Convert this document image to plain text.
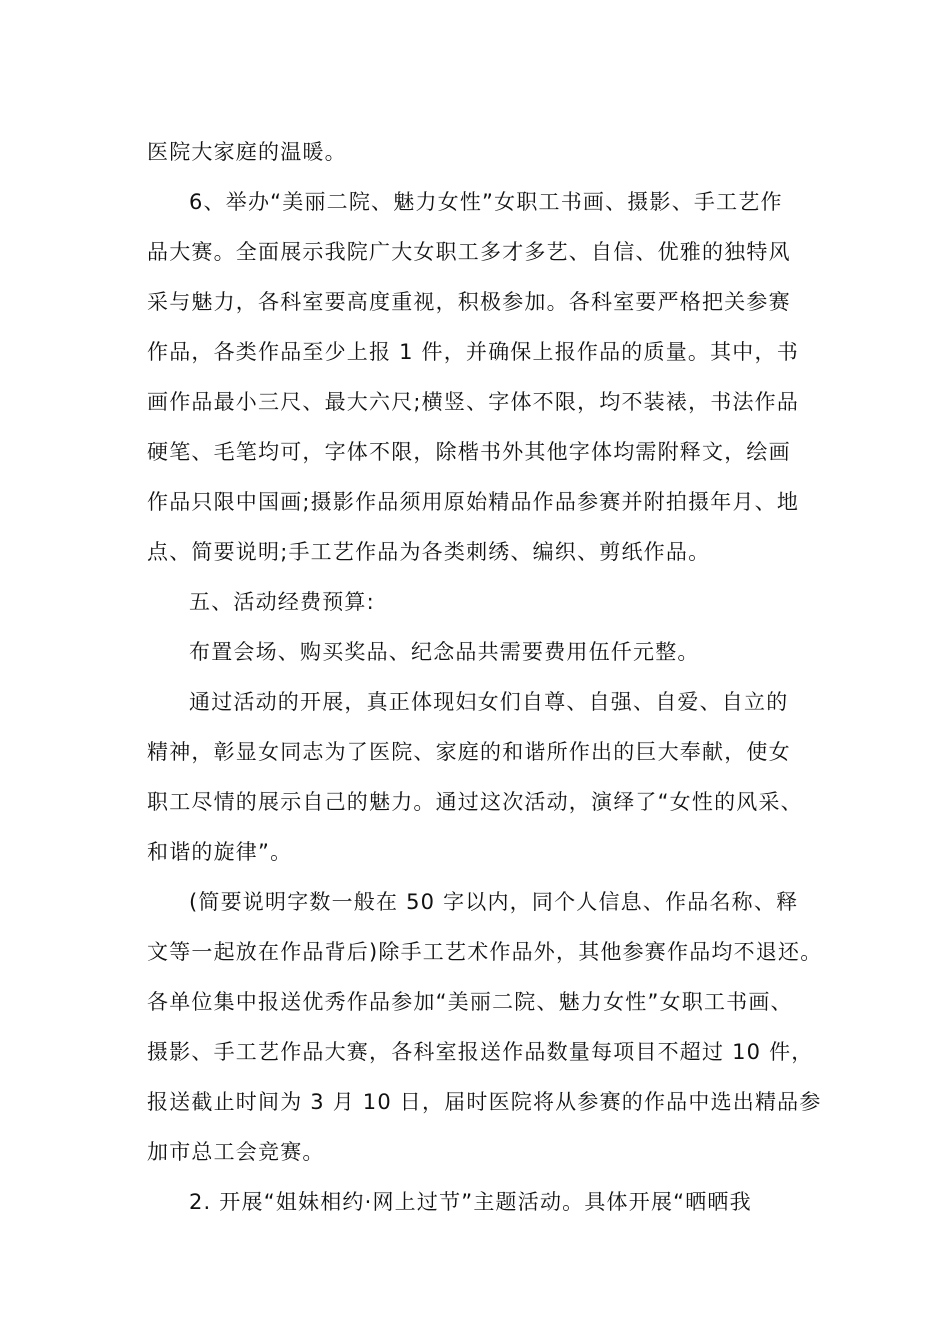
医院大家庭的温暖。
6、举办“美丽二院、魅力女性”女职工书画、摄影、手工艺作
品大赛。全面展示我院广大女职工多才多艺、自信、优雅的独特风
采与魅力，各科室要高度重视，积极参加。各科室要严格把关参赛
作品，各类作品至少上报 1 件，并确保上报作品的质量。其中，书
画作品最小三尺、最大六尺;横竖、字体不限，均不装裱，书法作品
硬笔、毛笔均可，字体不限，除楷书外其他字体均需附释文，绘画
作品只限中国画;摄影作品须用原始精品作品参赛并附拍摄年月、地
点、简要说明;手工艺作品为各类刺绣、编织、剪纸作品。
五、活动经费预算:
布置会场、购买奖品、纪念品共需要费用伍仟元整。
通过活动的开展，真正体现妇女们自尊、自强、自爱、自立的
精神，彰显女同志为了医院、家庭的和谐所作出的巨大奉献，使女
职工尽情的展示自己的魅力。通过这次活动，演绎了“女性的风采、
和谐的旋律”。
(简要说明字数一般在 50 字以内，同个人信息、作品名称、释
文等一起放在作品背后)除手工艺术作品外，其他参赛作品均不退还。
各单位集中报送优秀作品参加“美丽二院、魅力女性”女职工书画、
摄影、手工艺作品大赛，各科室报送作品数量每项目不超过 10 件，
报送截止时间为 3 月 10 日，届时医院将从参赛的作品中选出精品参
加市总工会竞赛。
2. 开展“姐妹相约·网上过节”主题活动。具体开展“晒晒我
